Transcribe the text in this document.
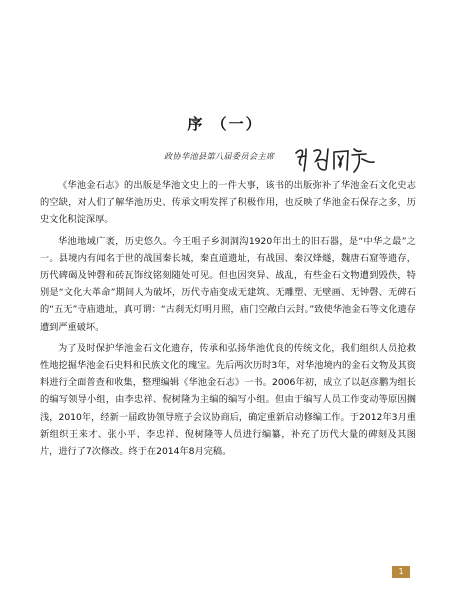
序 （一）
政协华池县第八届委员会主席

《华池金石志》的出版是华池文史上的一件大事，该书的出版弥补了华池金石文化史志的空缺，对人们了解华池历史、传承文明发挥了积极作用，也反映了华池金石保存之多，历史文化积淀深厚。

华池地域广袤，历史悠久。今王咀子乡洞洞沟1920年出土的旧石器，是“中华之最”之一。县境内有闻名于世的战国秦长城，秦直道遗址，有战国、秦汉烽燧，魏唐石窟等遗存，历代碑碣及钟磬和砖瓦饰纹铭刻随处可见。但也因突异、战乱，有些金石文物遭到毁佚，特别是“文化大革命”期间人为破坏，历代寺庙变成无建筑、无雕塑、无壁画、无钟磬、无碑石的“五无”寺庙遗址，真可谓：“古刹无灯明月照，庙门空敞白云封。”致使华池金石等文化遗存遭到严重破坏。

为了及时保护华池金石文化遗存，传承和弘扬华池优良的传统文化，我们组织人员抢救性地挖掘华池金石史料和民族文化的瑰宝。先后两次历时3年，对华池境内的金石文物及其资料进行全面普查和收集，整理编辑《华池金石志》一书。2006年初，成立了以赵彦鹏为组长的编写领导小组，由李忠祥、倪树隆为主编的编写小组。但由于编写人员工作变动等原因搁浅，2010年，经新一届政协领导班子会议协商后，确定重新启动修编工作。于2012年3月重新组织王来才、张小平、李忠祥、倪树隆等人员进行编纂，补充了历代大量的碑刻及其图片，进行了7次修改。终于在2014年8月完稿。

1
